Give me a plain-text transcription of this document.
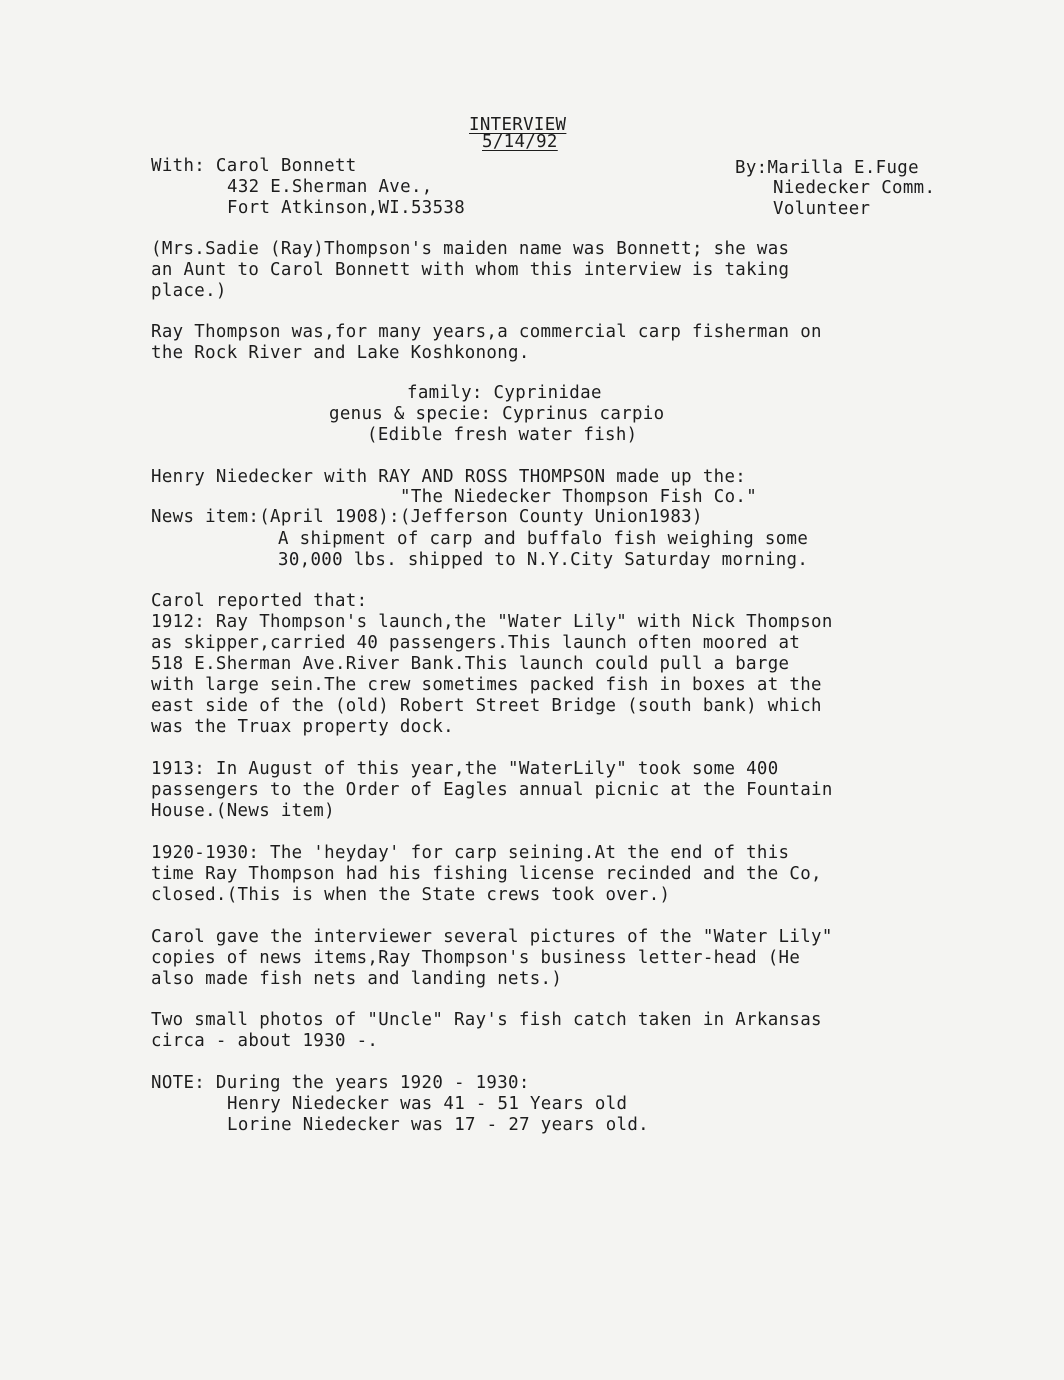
INTERVIEW
5/14/92
With: Carol Bonnett
432 E.Sherman Ave.,
Fort Atkinson,WI.53538
By:Marilla E.Fuge
Niedecker Comm.
Volunteer
(Mrs.Sadie (Ray)Thompson's maiden name was Bonnett; she was
an Aunt to Carol Bonnett with whom this interview is taking
place.)
Ray Thompson was,for many years,a commercial carp fisherman on
the Rock River and Lake Koshkonong.
family: Cyprinidae
genus & specie: Cyprinus carpio
(Edible fresh water fish)
Henry Niedecker with RAY AND ROSS THOMPSON made up the:
"The Niedecker Thompson Fish Co."
News item:(April 1908):(Jefferson County Union1983)
A shipment of carp and buffalo fish weighing some
30,000 lbs. shipped to N.Y.City Saturday morning.
Carol reported that:
1912: Ray Thompson's launch,the "Water Lily" with Nick Thompson
as skipper,carried 40 passengers.This launch often moored at
518 E.Sherman Ave.River Bank.This launch could pull a barge
with large sein.The crew sometimes packed fish in boxes at the
east side of the (old) Robert Street Bridge (south bank) which
was the Truax property dock.
1913: In August of this year,the "WaterLily" took some 400
passengers to the Order of Eagles annual picnic at the Fountain
House.(News item)
1920-1930: The 'heyday' for carp seining.At the end of this
time Ray Thompson had his fishing license recinded and the Co,
closed.(This is when the State crews took over.)
Carol gave the interviewer several pictures of the "Water Lily"
copies of news items,Ray Thompson's business letter-head (He
also made fish nets and landing nets.)
Two small photos of "Uncle" Ray's fish catch taken in Arkansas
circa - about 1930 -.
NOTE: During the years 1920 - 1930:
Henry Niedecker was 41 - 51 Years old
Lorine Niedecker was 17 - 27 years old.
